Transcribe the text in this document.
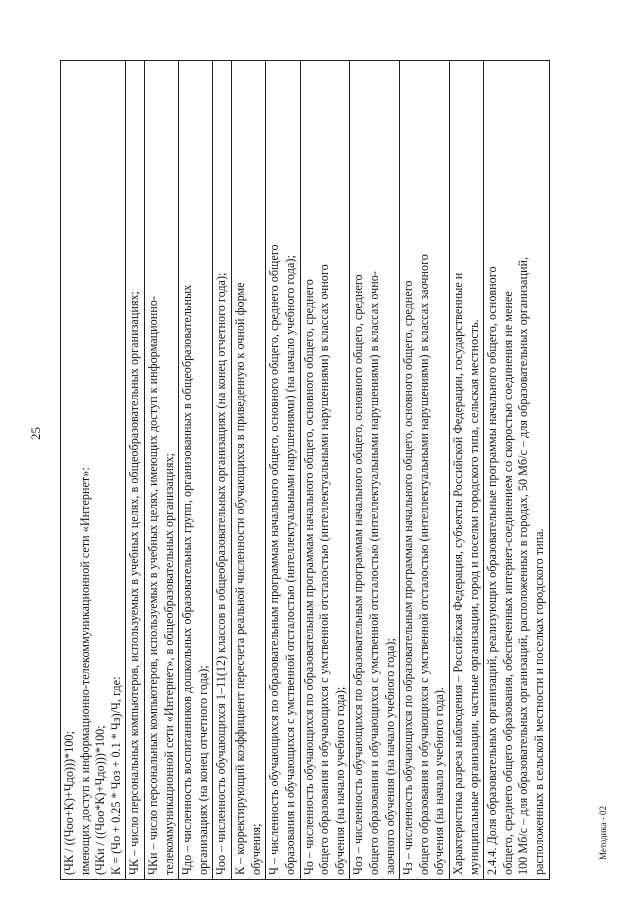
25
(ЧК / ((Чоо+К)+Чдо)))*100; имеющих доступ к информационно-телекоммуникационной сети «Интернет»: (ЧКи / ((Чоо*К)+Чдо)))*100; К = (Чо + 0.25 * Чоз + 0.1 * Чз)/Ч, где:

ЧК – число персональных компьютеров, используемых в учебных целях, в общеобразовательных организациях;

ЧКи – число персональных компьютеров, используемых в учебных целях, имеющих доступ к информационно- телекоммуникационной сети «Интернет», в общеобразовательных организациях;

Чдо – численность воспитанников дошкольных образовательных групп, организованных в общеобразовательных организациях (на конец отчетного года);

Чоо – численность обучающихся 1–11(12) классов в общеобразовательных организациях (на конец отчетного года);

К – корректирующий коэффициент пересчета реальной численности обучающихся в приведенную к очной форме обучения;

Ч – численность обучающихся по образовательным программам начального общего, основного общего, среднего общего образования и обучающихся с умственной отсталостью (интеллектуальными нарушениями) (на начало учебного года);

Чо – численность обучающихся по образовательным программам начального общего, основного общего, среднего общего образования и обучающихся с умственной отсталостью (интеллектуальными нарушениями) в классах очного обучения (на начало учебного года);

Чоз – численность обучающихся по образовательным программам начального общего, основного общего, среднего общего образования и обучающихся с умственной отсталостью (интеллектуальными нарушениями) в классах очно- заочного обучения (на начало учебного года);

Чз – численность обучающихся по образовательным программам начального общего, основного общего, среднего общего образования и обучающихся с умственной отсталостью (интеллектуальными нарушениями) в классах заочного обучения (на начало учебного года).

Характеристика разреза наблюдения – Российская Федерация, субъекты Российской Федерации, государственные и муниципальные организации, частные организации, город и поселки городского типа, сельская местность.

2.4.4. Доля образовательных организаций, реализующих образовательные программы начального общего, основного общего, среднего общего образования, обеспеченных интернет-соединением со скоростью соединения не менее 100 Мб/с – для образовательных организаций, расположенных в городах, 50 Мб/с – для образовательных организаций, расположенных в сельской местности и поселках городского типа.	Методика - 02
